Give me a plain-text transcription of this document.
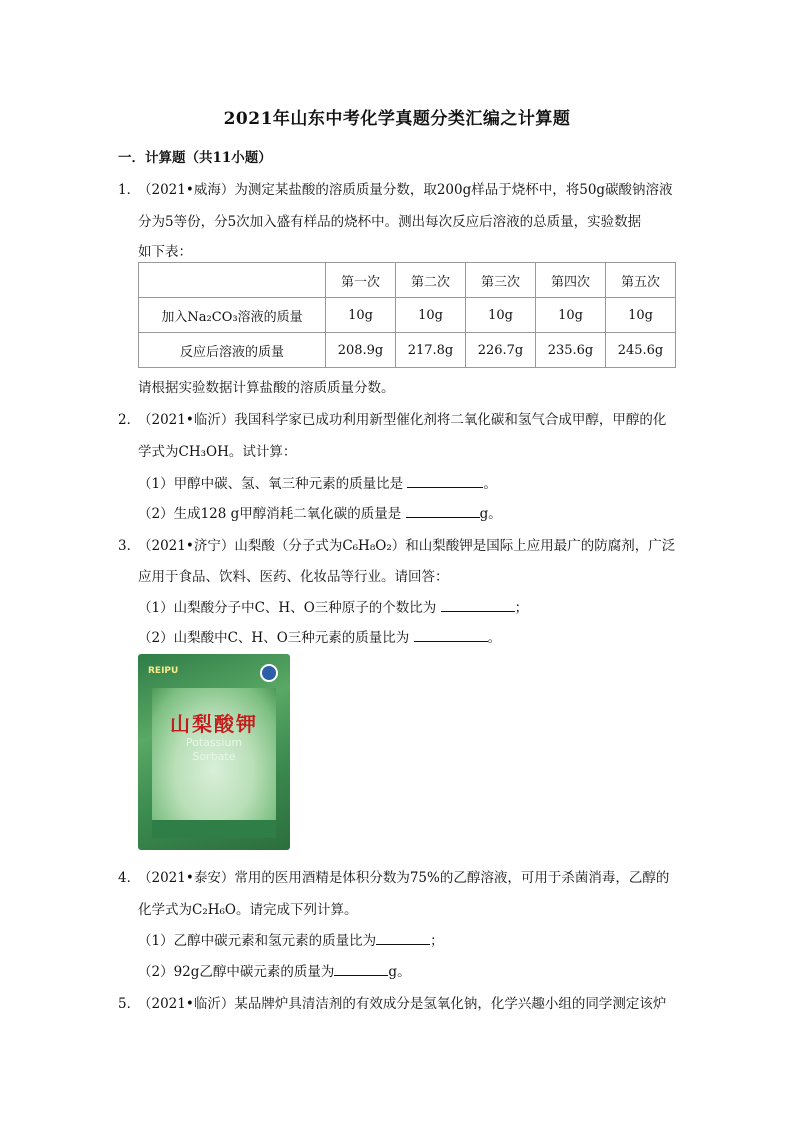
2021年山东中考化学真题分类汇编之计算题
一．计算题（共11小题）
1．
（2021•威海）为测定某盐酸的溶质质量分数，取200g样品于烧杯中，将50g碳酸钠溶液
分为5等份，分5次加入盛有样品的烧杯中。测出每次反应后溶液的总质量，实验数据
如下表：
	第一次	第二次	第三次	第四次	第五次
加入Na₂CO₃溶液的质量	10g	10g	10g	10g	10g
反应后溶液的质量	208.9g	217.8g	226.7g	235.6g	245.6g
请根据实验数据计算盐酸的溶质质量分数。
2．
（2021•临沂）我国科学家已成功利用新型催化剂将二氧化碳和氢气合成甲醇，甲醇的化
学式为CH₃OH。试计算：
（1）甲醇中碳、氢、氧三种元素的质量比是	。
（2）生成128 g甲醇消耗二氧化碳的质量是	g。
3．
（2021•济宁）山梨酸（分子式为C₆H₈O₂）和山梨酸钾是国际上应用最广的防腐剂，广泛
应用于食品、饮料、医药、化妆品等行业。请回答：
（1）山梨酸分子中C、H、O三种原子的个数比为	；
（2）山梨酸中C、H、O三种元素的质量比为	。
REIPU
山梨酸钾
Potassium
Sorbate
4．
（2021•泰安）常用的医用酒精是体积分数为75%的乙醇溶液，可用于杀菌消毒，乙醇的
化学式为C₂H₆O。请完成下列计算。
（1）乙醇中碳元素和氢元素的质量比为	；
（2）92g乙醇中碳元素的质量为	g。
5．
（2021•临沂）某品牌炉具清洁剂的有效成分是氢氧化钠，化学兴趣小组的同学测定该炉
